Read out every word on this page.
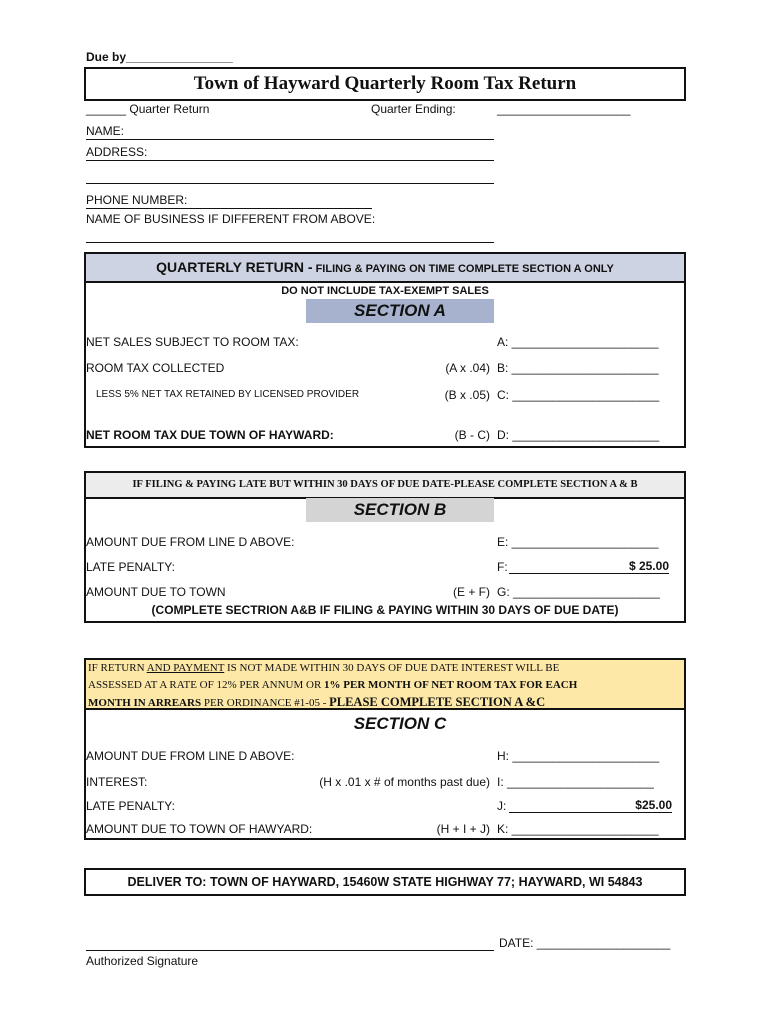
Due by________________
Town of Hayward Quarterly Room Tax Return
______ Quarter Return	Quarter Ending:	____________________
NAME:
ADDRESS:
PHONE NUMBER:
NAME OF BUSINESS IF DIFFERENT FROM ABOVE:
QUARTERLY RETURN - FILING & PAYING ON TIME COMPLETE SECTION A ONLY
DO NOT INCLUDE TAX-EXEMPT SALES
SECTION A
NET SALES SUBJECT TO ROOM TAX:	A: ______________________
ROOM TAX COLLECTED	(A x .04) B: ______________________
LESS 5% NET TAX RETAINED BY LICENSED PROVIDER	(B x .05) C: ______________________
NET ROOM TAX DUE TOWN OF HAYWARD:	(B - C) D: ______________________
IF FILING & PAYING LATE BUT WITHIN 30 DAYS OF DUE DATE-PLEASE COMPLETE SECTION A & B
SECTION B
AMOUNT DUE FROM LINE D ABOVE:	E: ______________________
LATE PENALTY:	F:	$ 25.00
AMOUNT DUE TO TOWN	(E + F) G: ______________________
(COMPLETE SECTRION A&B IF FILING & PAYING WITHIN 30 DAYS OF DUE DATE)
IF RETURN AND PAYMENT IS NOT MADE WITHIN 30 DAYS OF DUE DATE INTEREST WILL BE
ASSESSED AT A RATE OF 12% PER ANNUM OR 1% PER MONTH OF NET ROOM TAX FOR EACH
MONTH IN ARREARS PER ORDINANCE #1-05 - PLEASE COMPLETE SECTION A &C
SECTION C
AMOUNT DUE FROM LINE D ABOVE:	H: ______________________
INTEREST:	(H x .01 x # of months past due) I: ______________________
LATE PENALTY:	J:	$25.00
AMOUNT DUE TO TOWN OF HAWYARD:	(H + I + J) K: ______________________
DELIVER TO: TOWN OF HAYWARD, 15460W STATE HIGHWAY 77; HAYWARD, WI 54843
DATE: ____________________
Authorized Signature
